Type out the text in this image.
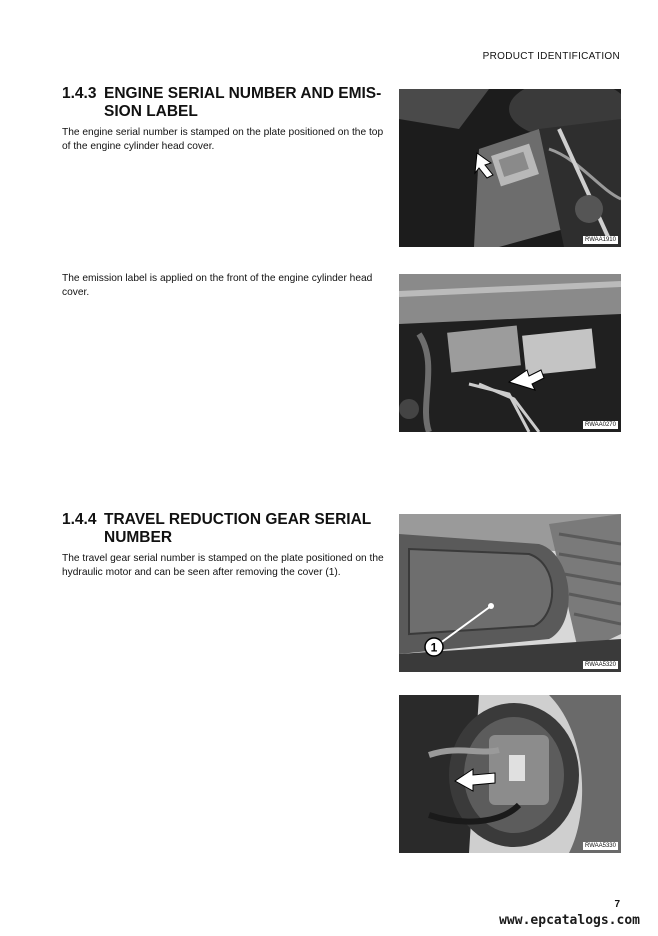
PRODUCT IDENTIFICATION
1.4.3 ENGINE SERIAL NUMBER AND EMIS-
SION LABEL
The engine serial number is stamped on the plate positioned on the top of the engine cylinder head cover.
RWAA1910
The emission label is applied on the front of the engine cylinder head cover.
RWAA0270
1.4.4 TRAVEL REDUCTION GEAR SERIAL
NUMBER
The travel gear serial number is stamped on the plate positioned on the hydraulic motor and can be seen after removing the cover (1).
1
RWAA5320
RWAA5330
7
www.epcatalogs.com
